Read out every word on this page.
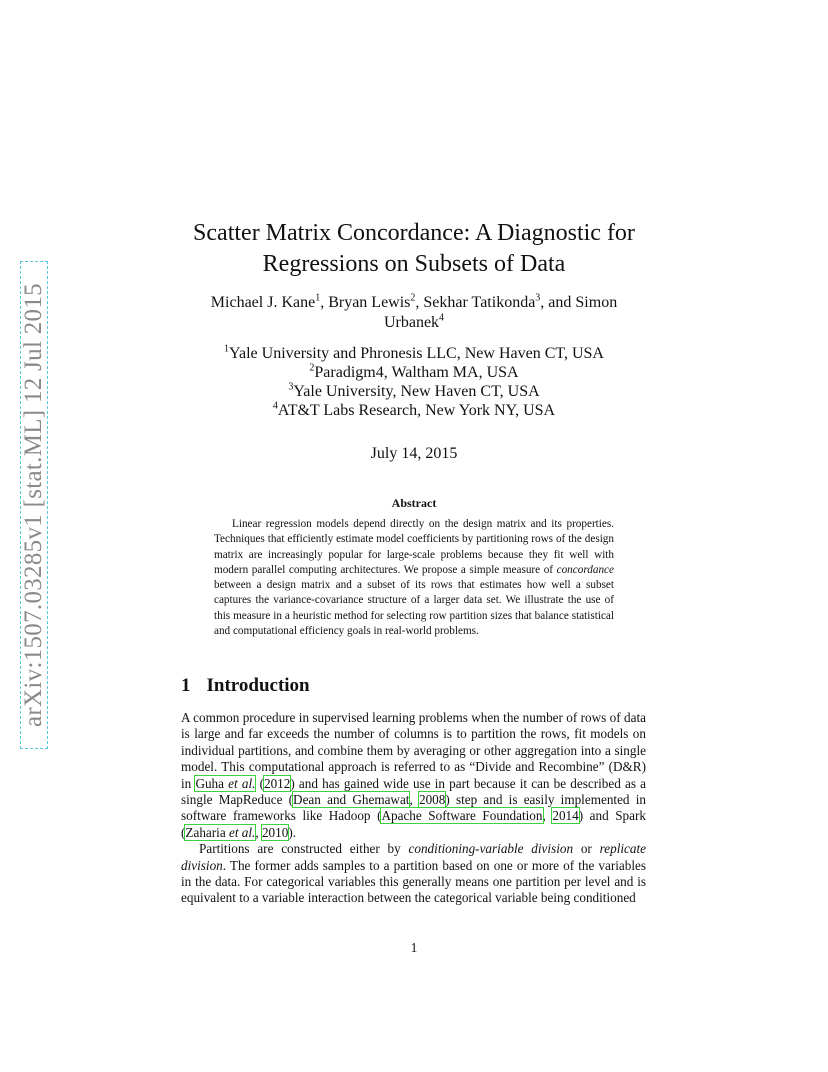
arXiv:1507.03285v1 [stat.ML] 12 Jul 2015
Scatter Matrix Concordance: A Diagnostic for
Regressions on Subsets of Data
Michael J. Kane$^1$, Bryan Lewis$^2$, Sekhar Tatikonda$^3$, and Simon Urbanek$^4$
$^1$Yale University and Phronesis LLC, New Haven CT, USA
$^2$Paradigm4, Waltham MA, USA
$^3$Yale University, New Haven CT, USA
$^4$AT&T Labs Research, New York NY, USA
July 14, 2015
Abstract

Linear regression models depend directly on the design matrix and its properties. Techniques that efficiently estimate model coefficients by partitioning rows of the design matrix are increasingly popular for large-scale problems because they fit well with modern parallel computing architectures. We propose a simple measure of concordance between a design matrix and a subset of its rows that estimates how well a subset captures the variance-covariance structure of a larger data set. We illustrate the use of this measure in a heuristic method for selecting row partition sizes that balance statistical and computational efficiency goals in real-world problems.

1 Introduction

A common procedure in supervised learning problems when the number of rows of data is large and far exceeds the number of columns is to partition the rows, fit models on individual partitions, and combine them by averaging or other aggregation into a single model. This computational approach is referred to as “Divide and Recombine” (D&R) in Guha et al. (2012) and has gained wide use in part because it can be described as a single MapReduce (Dean and Ghemawat, 2008) step and is easily implemented in software frameworks like Hadoop (Apache Software Foundation, 2014) and Spark (Zaharia et al., 2010).

Partitions are constructed either by conditioning-variable division or replicate division. The former adds samples to a partition based on one or more of the variables in the data. For categorical variables this generally means one partition per level and is equivalent to a variable interaction between the categorical variable being conditioned

1
